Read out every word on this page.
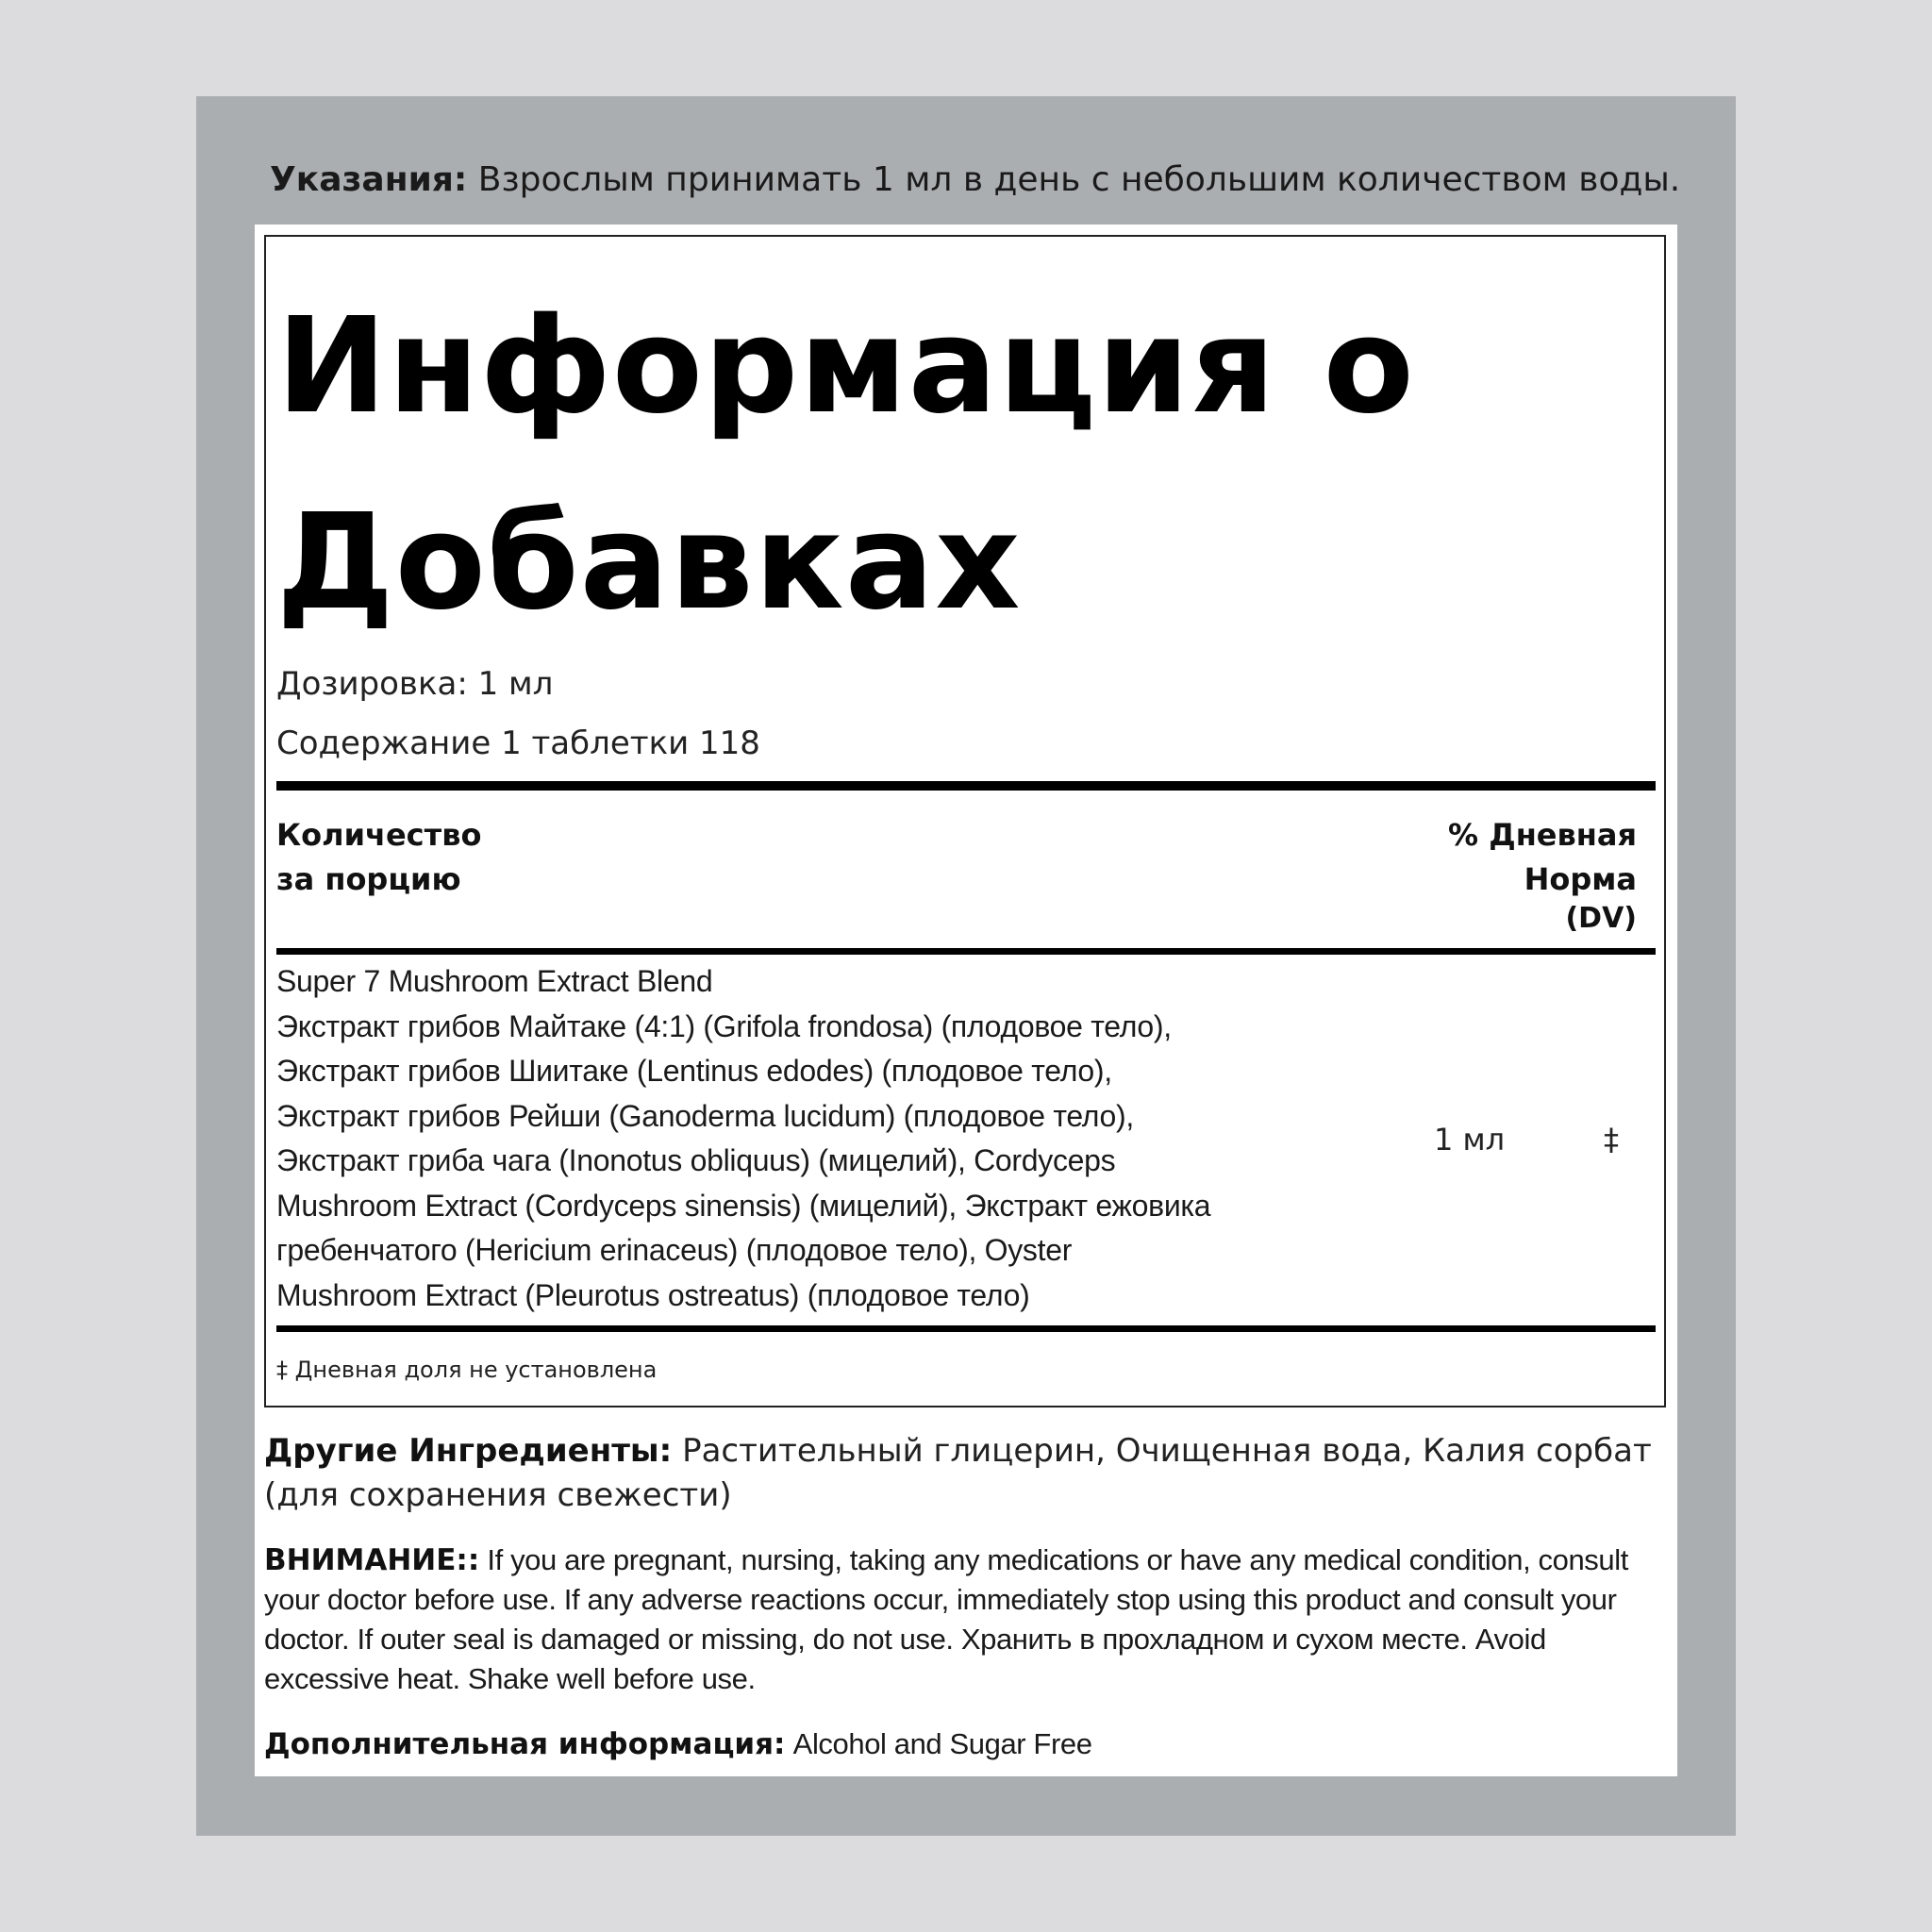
Указания: Взрослым принимать 1 мл в день с небольшим количеством воды.
Информация о
Добавках
Дозировка: 1 мл
Содержание 1 таблетки 118
Количество
за порцию
% Дневная
Норма
(DV)
Super 7 Mushroom Extract Blend
Экстракт грибов Майтаке (4:1) (Grifola frondosa) (плодовое тело),
Экстракт грибов Шиитаке (Lentinus edodes) (плодовое тело),
Экстракт грибов Рейши (Ganoderma lucidum) (плодовое тело),
Экстракт гриба чага (Inonotus obliquus) (мицелий), Cordyceps
Mushroom Extract (Cordyceps sinensis) (мицелий), Экстракт ежовика
гребенчатого (Hericium erinaceus) (плодовое тело), Oyster
Mushroom Extract (Pleurotus ostreatus) (плодовое тело)
1 мл	‡
‡ Дневная доля не установлена
Другие Ингредиенты: Растительный глицерин, Очищенная вода, Калия сорбат (для сохранения свежести)
ВНИМАНИЕ:: If you are pregnant, nursing, taking any medications or have any medical condition, consult your doctor before use. If any adverse reactions occur, immediately stop using this product and consult your doctor. If outer seal is damaged or missing, do not use. Хранить в прохладном и сухом месте. Avoid excessive heat. Shake well before use.
Дополнительная информация: Alcohol and Sugar Free
